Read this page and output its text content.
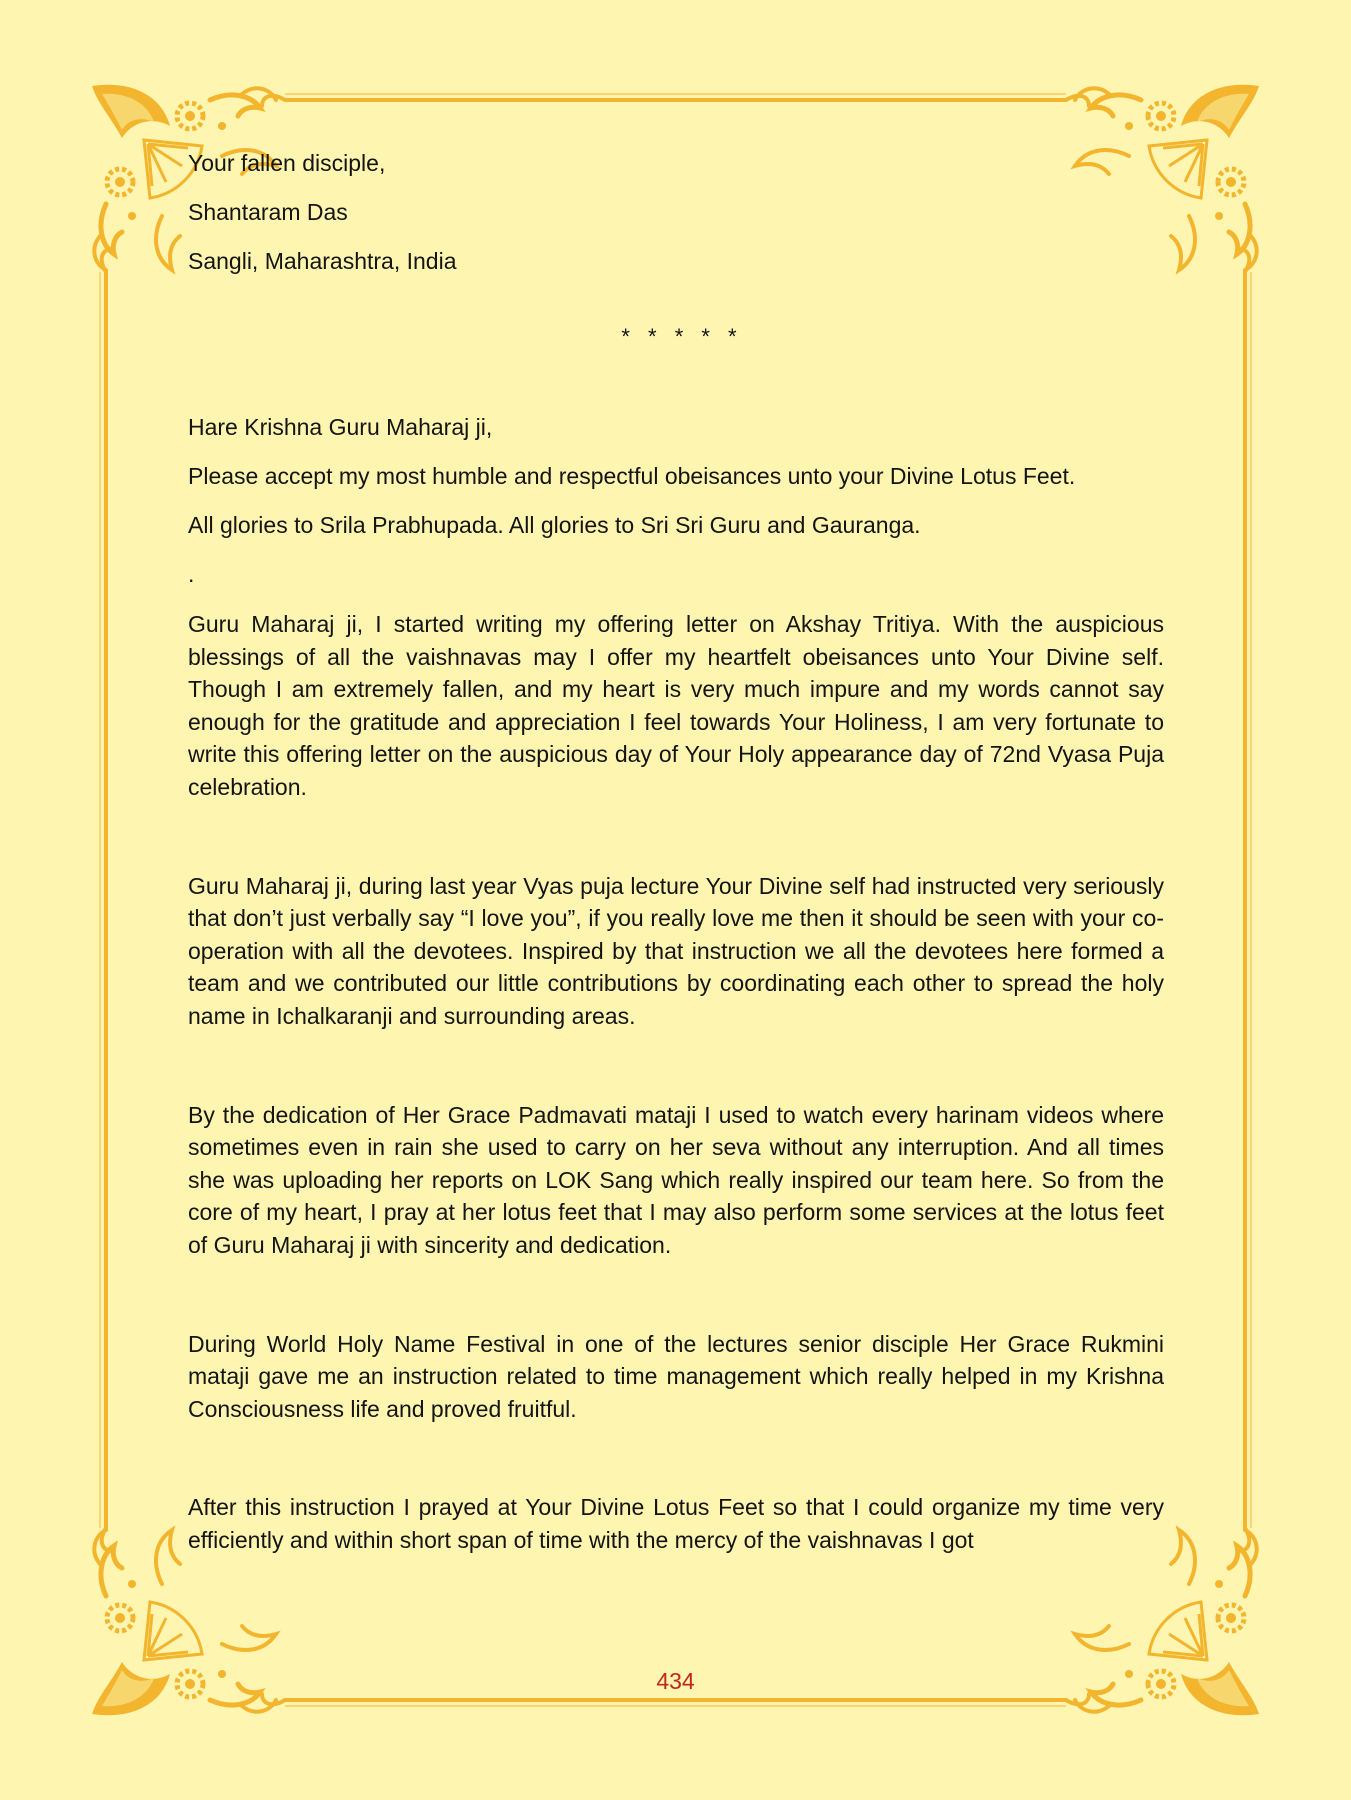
Your fallen disciple,

Shantaram Das

Sangli, Maharashtra, India

* * * * *

Hare Krishna Guru Maharaj ji,

Please accept my most humble and respectful obeisances unto your Divine Lotus Feet.

All glories to Srila Prabhupada. All glories to Sri Sri Guru and Gauranga.

.

Guru Maharaj ji, I started writing my offering letter on Akshay Tritiya. With the auspicious blessings of all the vaishnavas may I offer my heartfelt obeisances unto Your Divine self. Though I am extremely fallen, and my heart is very much impure and my words cannot say enough for the gratitude and appreciation I feel towards Your Holiness, I am very fortunate to write this offering letter on the auspicious day of Your Holy appearance day of 72nd Vyasa Puja celebration.

Guru Maharaj ji, during last year Vyas puja lecture Your Divine self had instructed very seriously that don’t just verbally say “I love you”, if you really love me then it should be seen with your co-operation with all the devotees. Inspired by that instruction we all the devotees here formed a team and we contributed our little contributions by coordinating each other to spread the holy name in Ichalkaranji and surrounding areas.

By the dedication of Her Grace Padmavati mataji I used to watch every harinam videos where sometimes even in rain she used to carry on her seva without any interruption. And all times she was uploading her reports on LOK Sang which really inspired our team here. So from the core of my heart, I pray at her lotus feet that I may also perform some services at the lotus feet of Guru Maharaj ji with sincerity and dedication.

During World Holy Name Festival in one of the lectures senior disciple Her Grace Rukmini mataji gave me an instruction related to time management which really helped in my Krishna Consciousness life and proved fruitful.

After this instruction I prayed at Your Divine Lotus Feet so that I could organize my time very efficiently and within short span of time with the mercy of the vaishnavas I got

434
